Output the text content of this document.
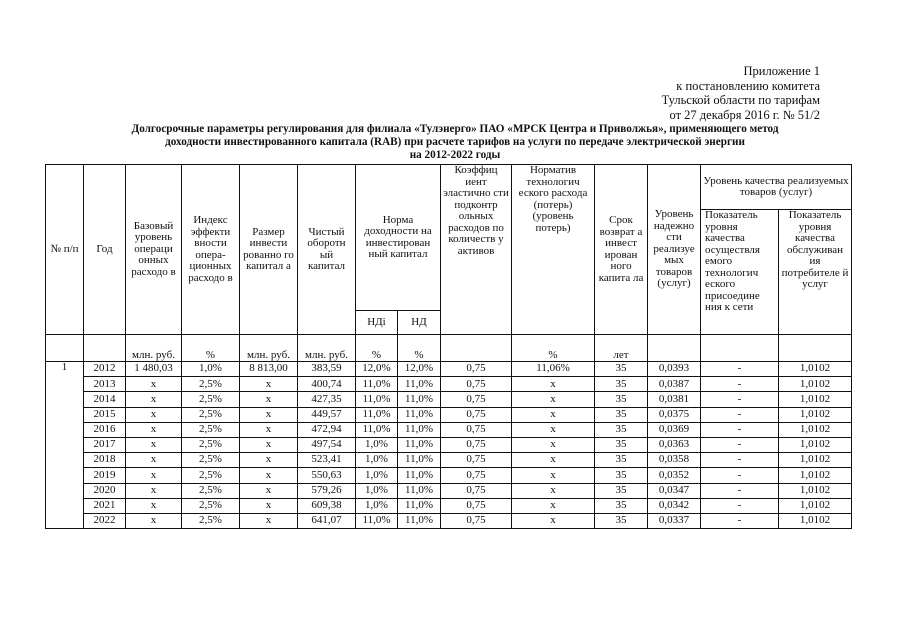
Приложение 1
к постановлению комитета
Тульской области по тарифам
от 27 декабря 2016 г. № 51/2
Долгосрочные параметры регулирования для филиала «Тулэнерго» ПАО «МРСК Центра и Приволжья», применяющего метод
доходности инвестированного капитала (RAB) при расчете тарифов на услуги по передаче электрической энергии
на 2012-2022 годы
№ п/п	Год	Базовый уровень операци онных расходо в	Индекс эффекти вности опера- ционных расходо в	Размер инвести рованно го капитал а	Чистый оборотн ый капитал	Норма доходности на инвестирован ный капитал		Коэффиц иент эластично сти подконтр ольных расходов по количеств у активов	Норматив технологич еского расхода (потерь) (уровень потерь)	Срок возврат а инвест ирован ного капита ла	Уровень надежно сти реализуе мых товаров (услуг)	Уровень качества реализуемых товаров (услуг)	
												Показатель уровня качества осуществля емого технологич еского присоедине ния к сети	Показатель уровня качества обслуживан ия потребителе й услуг
						НДі	НД						
		млн. руб.	%	млн. руб.	млн. руб.	%	%		%	лет			
1	2012	1 480,03	1,0%	8 813,00	383,59	12,0%	12,0%	0,75	11,06%	35	0,0393	-	1,0102
	2013	x	2,5%	x	400,74	11,0%	11,0%	0,75	x	35	0,0387	-	1,0102
	2014	x	2,5%	x	427,35	11,0%	11,0%	0,75	x	35	0,0381	-	1,0102
	2015	x	2,5%	x	449,57	11,0%	11,0%	0,75	x	35	0,0375	-	1,0102
	2016	x	2,5%	x	472,94	11,0%	11,0%	0,75	x	35	0,0369	-	1,0102
	2017	x	2,5%	x	497,54	1,0%	11,0%	0,75	x	35	0,0363	-	1,0102
	2018	x	2,5%	x	523,41	1,0%	11,0%	0,75	x	35	0,0358	-	1,0102
	2019	x	2,5%	x	550,63	1,0%	11,0%	0,75	x	35	0,0352	-	1,0102
	2020	x	2,5%	x	579,26	1,0%	11,0%	0,75	x	35	0,0347	-	1,0102
	2021	x	2,5%	x	609,38	1,0%	11,0%	0,75	x	35	0,0342	-	1,0102
	2022	x	2,5%	x	641,07	11,0%	11,0%	0,75	x	35	0,0337	-	1,0102
